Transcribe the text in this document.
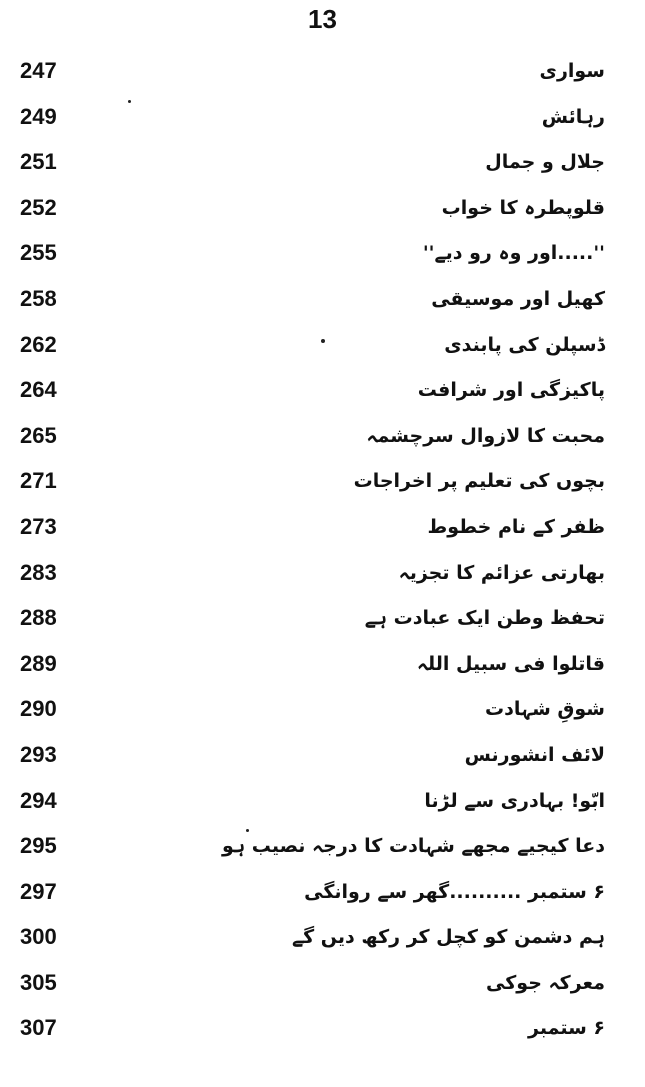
13
247	سواری
249	رہائش
251	جلال و جمال
252	قلوپطرہ کا خواب
255	''.....اور وہ رو دیے''
258	کھیل اور موسیقی
262	ڈسپلن کی پابندی
264	پاکیزگی اور شرافت
265	محبت کا لازوال سرچشمہ
271	بچوں کی تعلیم پر اخراجات
273	ظفر کے نام خطوط
283	بھارتی عزائم کا تجزیہ
288	تحفظ وطن ایک عبادت ہے
289	قاتلوا فی سبیل اللہ
290	شوقِ شہادت
293	لائف انشورنس
294	ابّو! بہادری سے لڑنا
295	دعا کیجیے مجھے شہادت کا درجہ نصیب ہو
297	۶ ستمبر ..........گھر سے روانگی
300	ہم دشمن کو کچل کر رکھ دیں گے
305	معرکہ جوکی
307	۶ ستمبر
